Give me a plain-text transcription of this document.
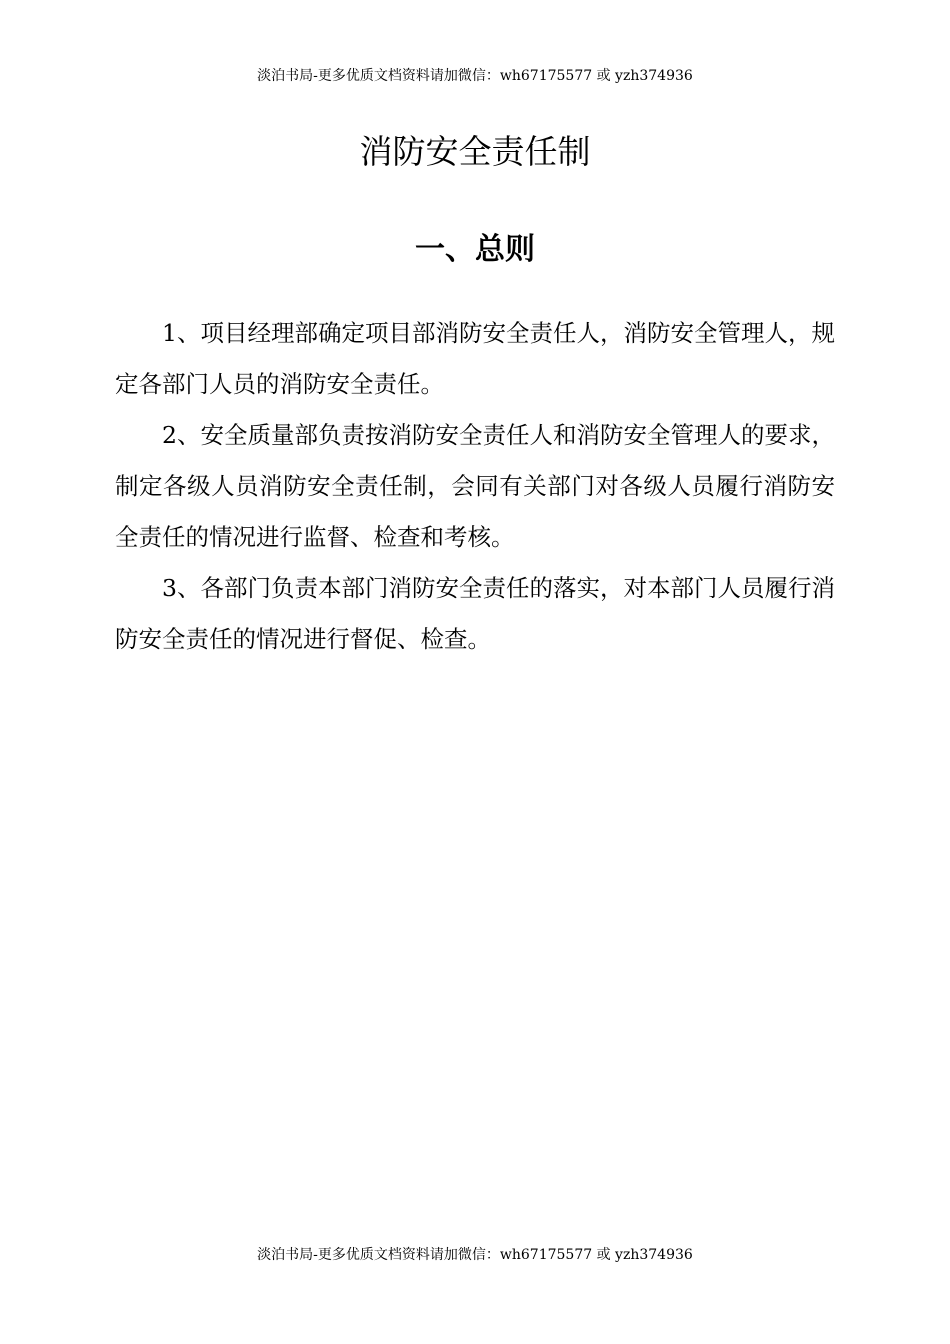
淡泊书局-更多优质文档资料请加微信：wh67175577 或 yzh374936
消防安全责任制
一、总则

1、项目经理部确定项目部消防安全责任人，消防安全管理人，规定各部门人员的消防安全责任。

2、安全质量部负责按消防安全责任人和消防安全管理人的要求，制定各级人员消防安全责任制，会同有关部门对各级人员履行消防安全责任的情况进行监督、检查和考核。

3、各部门负责本部门消防安全责任的落实，对本部门人员履行消防安全责任的情况进行督促、检查。

淡泊书局-更多优质文档资料请加微信：wh67175577 或 yzh374936
